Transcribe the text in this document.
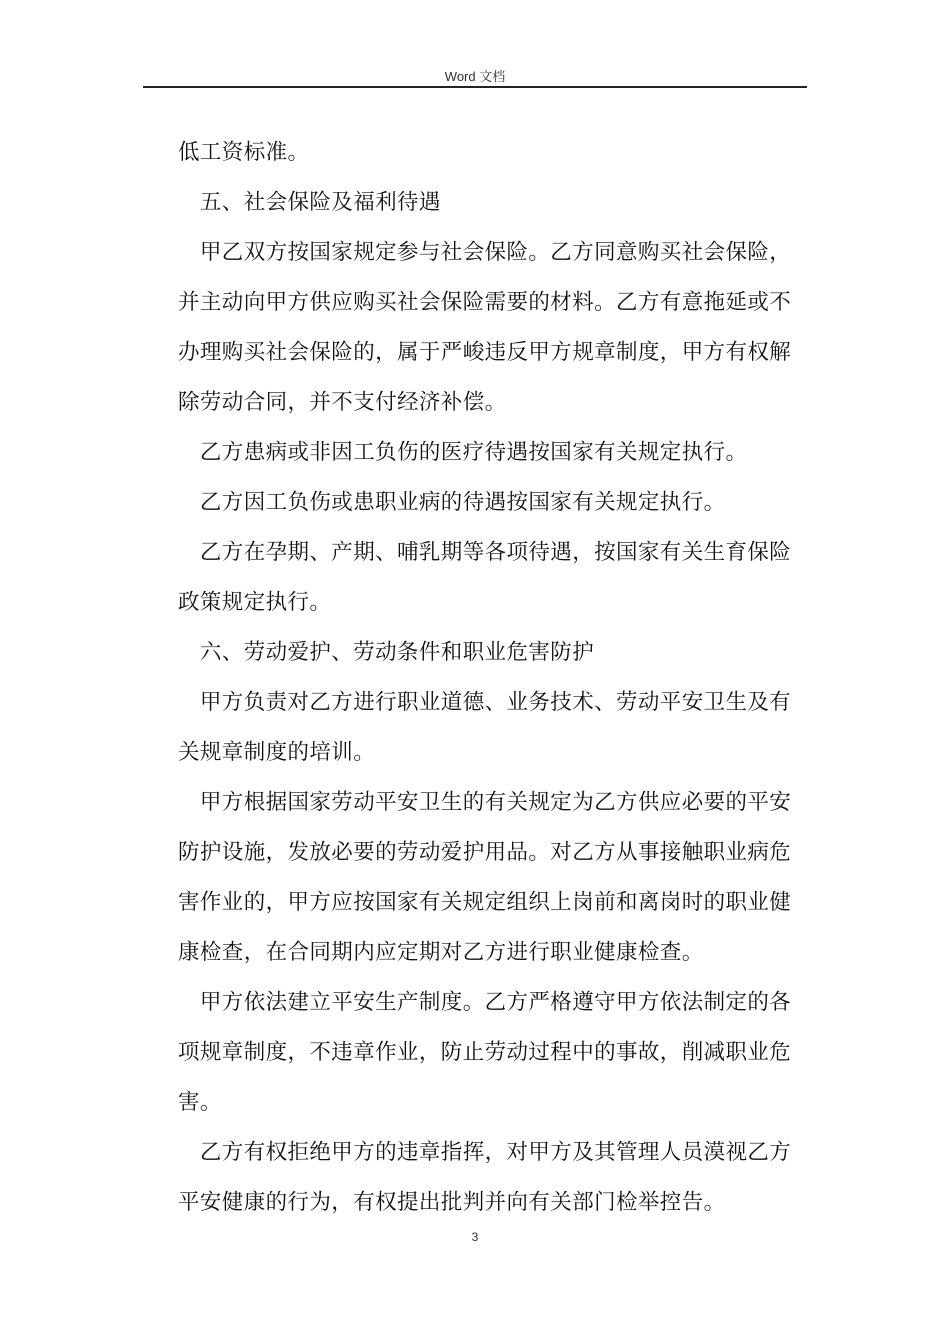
Word 文档
低工资标准。
　五、社会保险及福利待遇
　甲乙双方按国家规定参与社会保险。乙方同意购买社会保险，
并主动向甲方供应购买社会保险需要的材料。乙方有意拖延或不
办理购买社会保险的，属于严峻违反甲方规章制度，甲方有权解
除劳动合同，并不支付经济补偿。
　乙方患病或非因工负伤的医疗待遇按国家有关规定执行。
　乙方因工负伤或患职业病的待遇按国家有关规定执行。
　乙方在孕期、产期、哺乳期等各项待遇，按国家有关生育保险
政策规定执行。
　六、劳动爱护、劳动条件和职业危害防护
　甲方负责对乙方进行职业道德、业务技术、劳动平安卫生及有
关规章制度的培训。
　甲方根据国家劳动平安卫生的有关规定为乙方供应必要的平安
防护设施，发放必要的劳动爱护用品。对乙方从事接触职业病危
害作业的，甲方应按国家有关规定组织上岗前和离岗时的职业健
康检查，在合同期内应定期对乙方进行职业健康检查。
　甲方依法建立平安生产制度。乙方严格遵守甲方依法制定的各
项规章制度，不违章作业，防止劳动过程中的事故，削减职业危
害。
　乙方有权拒绝甲方的违章指挥，对甲方及其管理人员漠视乙方
平安健康的行为，有权提出批判并向有关部门检举控告。
3
